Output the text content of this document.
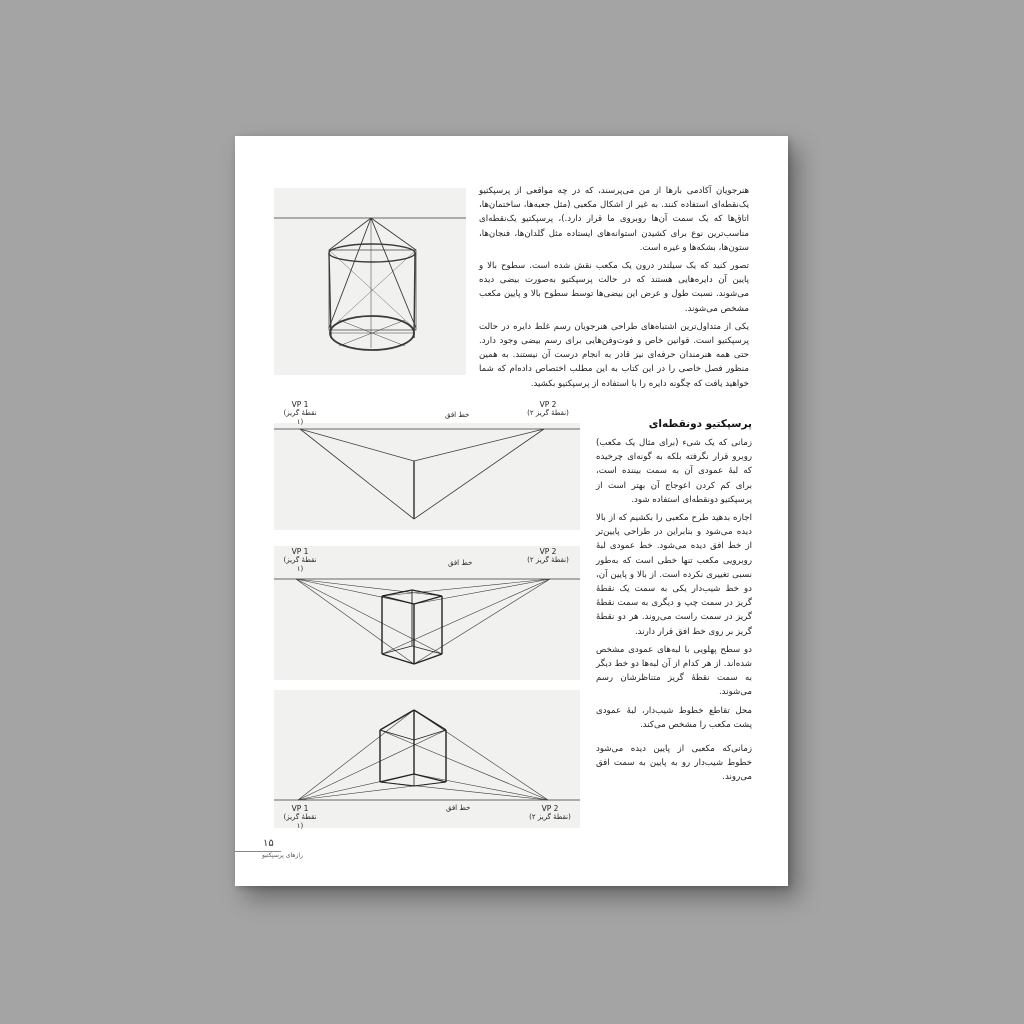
هنرجویان آکادمی بارها از من می‌پرسند، که در چه مواقعی از پرسپکتیو یک‌نقطه‌ای استفاده کنند. به غیر از اشکال مکعبی (مثل جعبه‌ها، ساختمان‌ها، اتاق‌ها که یک سمت آن‌ها روبروی ما قرار دارد.)، پرسپکتیو یک‌نقطه‌ای مناسب‌ترین نوع برای کشیدن استوانه‌های ایستاده مثل گلدان‌ها، فنجان‌ها، ستون‌ها، بشکه‌ها و غیره است.

تصور کنید که یک سیلندر درون یک مکعب نقش شده است. سطوح بالا و پایین آن دایره‌هایی هستند که در حالت پرسپکتیو به‌صورت بیضی دیده می‌شوند. نسبت طول و عرض این بیضی‌ها توسط سطوح بالا و پایین مکعب مشخص می‌شوند.

یکی از متداول‌ترین اشتباه‌های طراحی هنرجویان رسم غلط دایره در حالت پرسپکتیو است. قوانین خاص و فوت‌وفن‌هایی برای رسم بیضی وجود دارد. حتی همه هنرمندان حرفه‌ای نیز قادر به انجام درست آن نیستند. به همین منظور فصل خاصی را در این کتاب به این مطلب اختصاص داده‌ام که شما خواهید یافت که چگونه دایره را با استفاده از پرسپکتیو بکشید.

VP 1
(نقطهٔ گریز ۱)
VP 2
(نقطهٔ گریز ۲)
خط افق
VP 1
(نقطهٔ گریز ۱)
VP 2
(نقطهٔ گریز ۲)
خط افق
VP 1
(نقطهٔ گریز ۱)
VP 2
(نقطهٔ گریز ۲)
خط افق
پرسپکتیو دونقطه‌ای

زمانی که یک شیء (برای مثال یک مکعب) روبرو قرار نگرفته بلکه به گونه‌ای چرخیده که لبهٔ عمودی آن به سمت بیننده است، برای کم کردن اعوجاج آن بهتر است از پرسپکتیو دونقطه‌ای استفاده شود.

اجازه بدهید طرح مکعبی را بکشیم که از بالا دیده می‌شود و بنابراین در طراحی پایین‌تر از خط افق دیده می‌شود. خط عمودی لبهٔ روبرویی مکعب تنها خطی است که به‌طور نسبی تغییری نکرده است. از بالا و پایین آن، دو خط شیب‌دار یکی به سمت یک نقطهٔ گریز در سمت چپ و دیگری به سمت نقطهٔ گریز در سمت راست می‌روند. هر دو نقطهٔ گریز بر روی خط افق قرار دارند.

دو سطح پهلویی با لبه‌های عمودی مشخص شده‌اند. از هر کدام از آن لبه‌ها دو خط دیگر به سمت نقطهٔ گریز متناظرشان رسم می‌شوند.

محل تقاطع خطوط شیب‌دار، لبهٔ عمودی پشت مکعب را مشخص می‌کند.

زمانی‌که مکعبی از پایین دیده می‌شود خطوط شیب‌دار رو به پایین به سمت افق می‌روند.

۱۵
رازهای پرسپکتیو
